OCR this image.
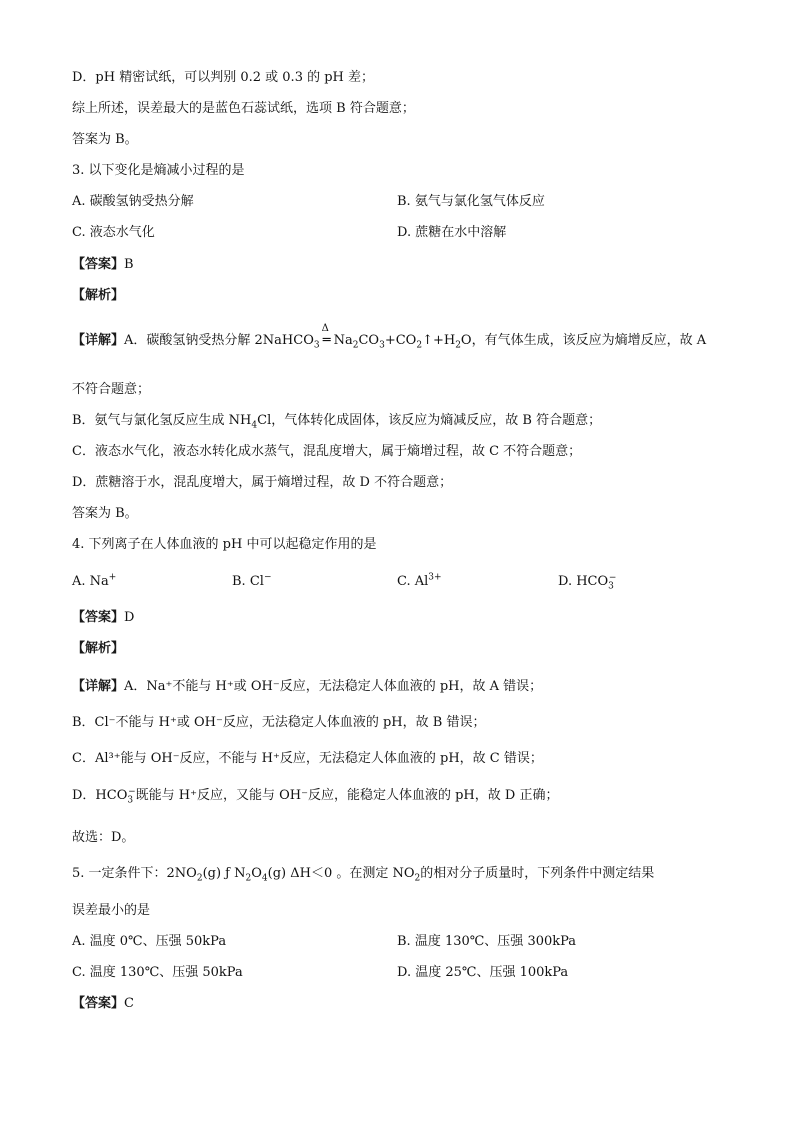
D．pH 精密试纸，可以判别 0.2 或 0.3 的 pH 差；
综上所述，误差最大的是蓝色石蕊试纸，选项 B 符合题意；
答案为 B。
3. 以下变化是熵减小过程的是
A. 碳酸氢钠受热分解	B. 氨气与氯化氢气体反应
C. 液态水气化	D. 蔗糖在水中溶解
【答案】B
【解析】
【详解】A．碳酸氢钠受热分解 2NaHCO$_3$
Δ
═ $Na_2CO_3+CO_2↑+H_2O$，有气体生成，该反应为熵增反应，故 A
不符合题意；
B．氨气与氯化氢反应生成 $NH_4Cl$，气体转化成固体，该反应为熵减反应，故 B 符合题意；
C．液态水气化，液态水转化成水蒸气，混乱度增大，属于熵增过程，故 C 不符合题意；
D．蔗糖溶于水，混乱度增大，属于熵增过程，故 D 不符合题意；
答案为 B。
4. 下列离子在人体血液的 pH 中可以起稳定作用的是
A. Na+	B. Cl−	C. $Al^{3+}$	D. $HCO_3^-$
【答案】D
【解析】
【详解】A．Na⁺不能与 H⁺或 OH⁻反应，无法稳定人体血液的 pH，故 A 错误；
B．Cl⁻不能与 H⁺或 OH⁻反应，无法稳定人体血液的 pH，故 B 错误；
C．Al³⁺能与 OH⁻反应，不能与 H⁺反应，无法稳定人体血液的 pH，故 C 错误；
D．$HCO_3^-$既能与 H⁺反应，又能与 OH⁻反应，能稳定人体血液的 pH，故 D 正确；
故选：D。
5. 一定条件下：$2NO_2(g)$ ƒ $N_2O_4(g)$ ΔH＜0 。在测定 $NO_2$的相对分子质量时，下列条件中测定结果
误差最小的是
A. 温度 0℃、压强 50kPa	B. 温度 130℃、压强 300kPa
C. 温度 130℃、压强 50kPa	D. 温度 25℃、压强 100kPa
【答案】C
